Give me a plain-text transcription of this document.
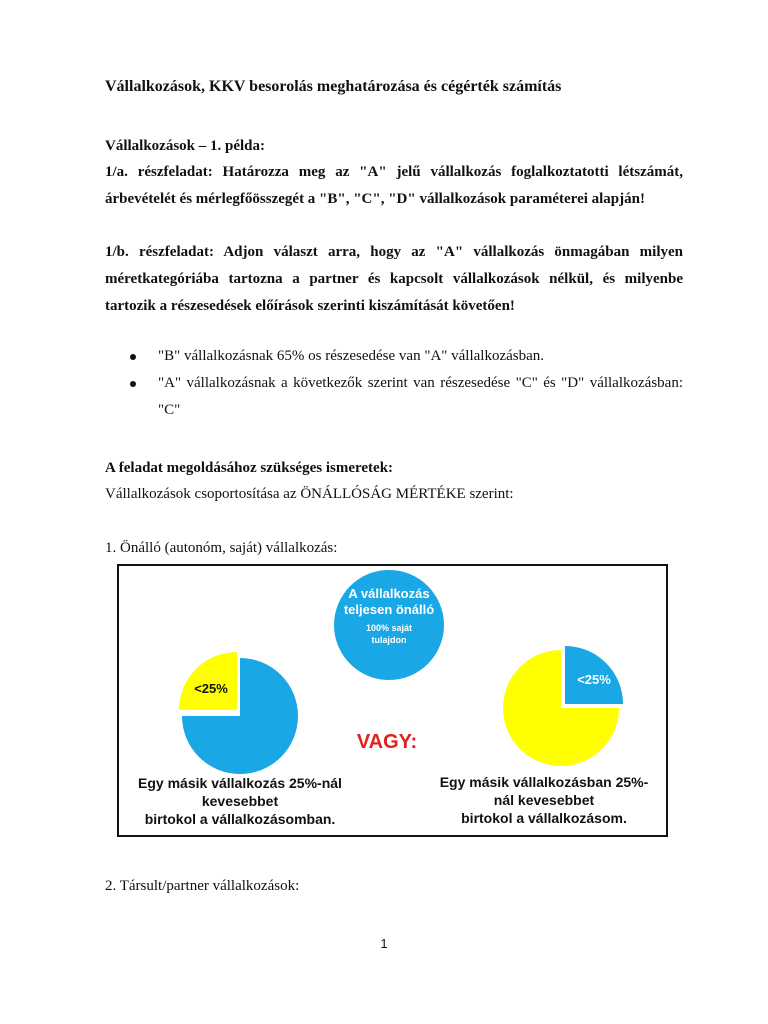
Vállalkozások, KKV besorolás meghatározása és cégérték számítás
Vállalkozások – 1. példa:
1/a. részfeladat: Határozza meg az "A" jelű vállalkozás foglalkoztatotti létszámát, árbevételét és mérlegfőösszegét a "B", "C", "D" vállalkozások paraméterei alapján!
1/b. részfeladat: Adjon választ arra, hogy az "A" vállalkozás önmagában milyen méretkategóriába tartozna a partner és kapcsolt vállalkozások nélkül, és milyenbe tartozik a részesedések előírások szerinti kiszámítását követően!
"B" vállalkozásnak 65% os részesedése van "A" vállalkozásban.
"A" vállalkozásnak a következők szerint van részesedése "C" és "D" vállalkozásban: "C"
A feladat megoldásához szükséges ismeretek:
Vállalkozások csoportosítása az ÖNÁLLÓSÁG MÉRTÉKE szerint:
1. Önálló (autonóm, saját) vállalkozás:
A vállalkozás
teljesen önálló
100% saját
tulajdon
<25%
<25%
VAGY:
Egy másik vállalkozás 25%-nál
kevesebbet
birtokol a vállalkozásomban.
Egy másik vállalkozásban 25%-
nál kevesebbet
birtokol a vállalkozásom.
2. Társult/partner vállalkozások:
1
